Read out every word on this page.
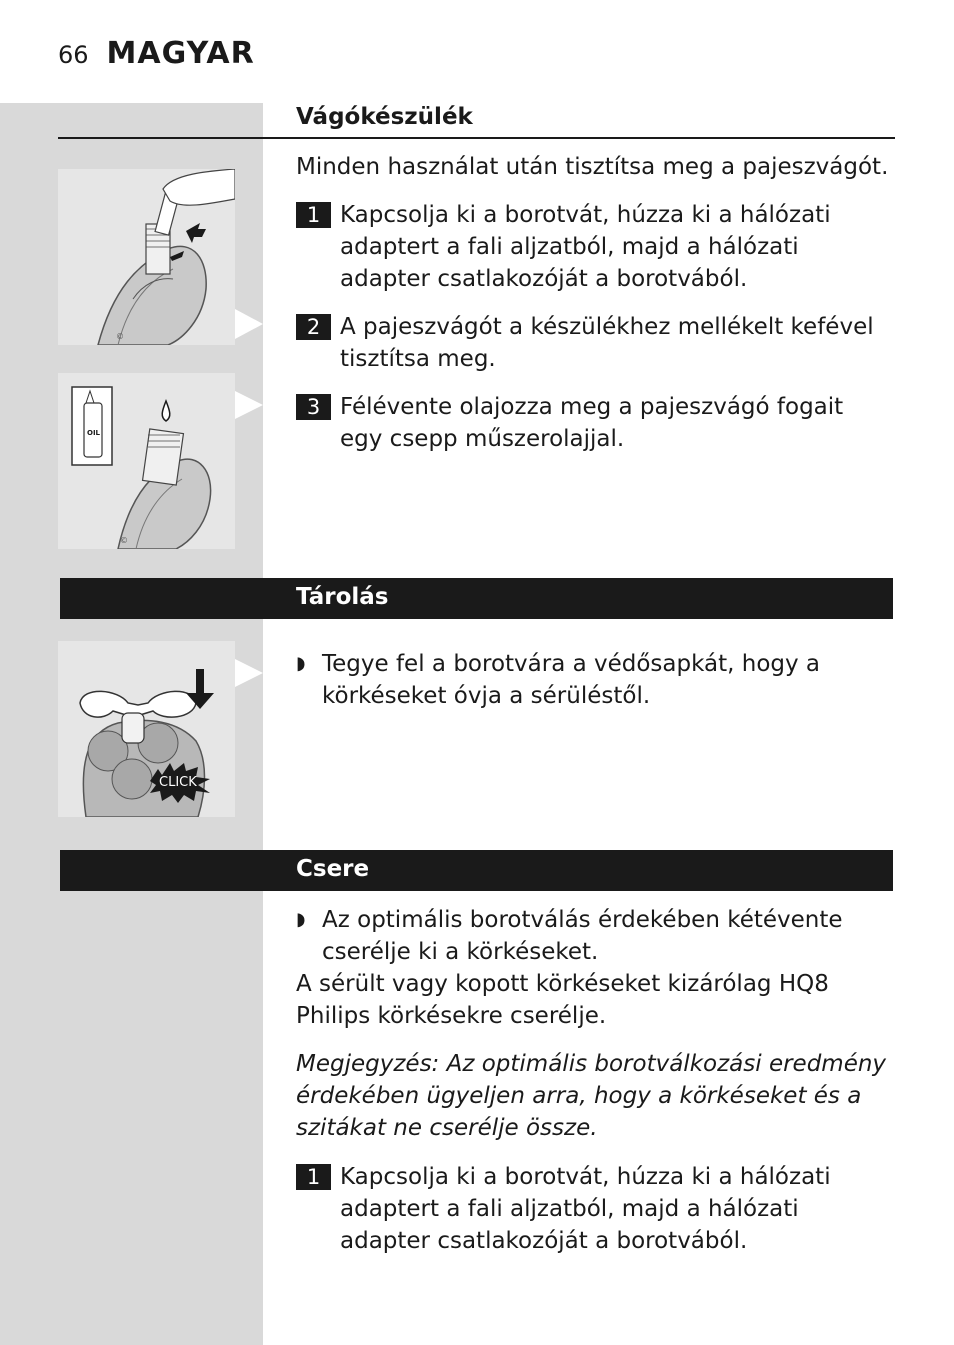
66 MAGYAR
Vágókészülék
Minden használat után tisztítsa meg a pajeszvágót.
1 Kapcsolja ki a borotvát, húzza ki a hálózati adaptert a fali aljzatból, majd a hálózati adapter csatlakozóját a borotvából.
2 A pajeszvágót a készülékhez mellékelt kefével tisztítsa meg.
3 Félévente olajozza meg a pajeszvágó fogait egy csepp műszerolajjal.
©
OIL
©
Tárolás
◗ Tegye fel a borotvára a védősapkát, hogy a körkéseket óvja a sérüléstől.
CLICK
Csere
◗ Az optimális borotválás érdekében kétévente cserélje ki a körkéseket.
A sérült vagy kopott körkéseket kizárólag HQ8 Philips körkésekre cserélje.
Megjegyzés: Az optimális borotválkozási eredmény érdekében ügyeljen arra, hogy a körkéseket és a szitákat ne cserélje össze.
1 Kapcsolja ki a borotvát, húzza ki a hálózati adaptert a fali aljzatból, majd a hálózati adapter csatlakozóját a borotvából.
